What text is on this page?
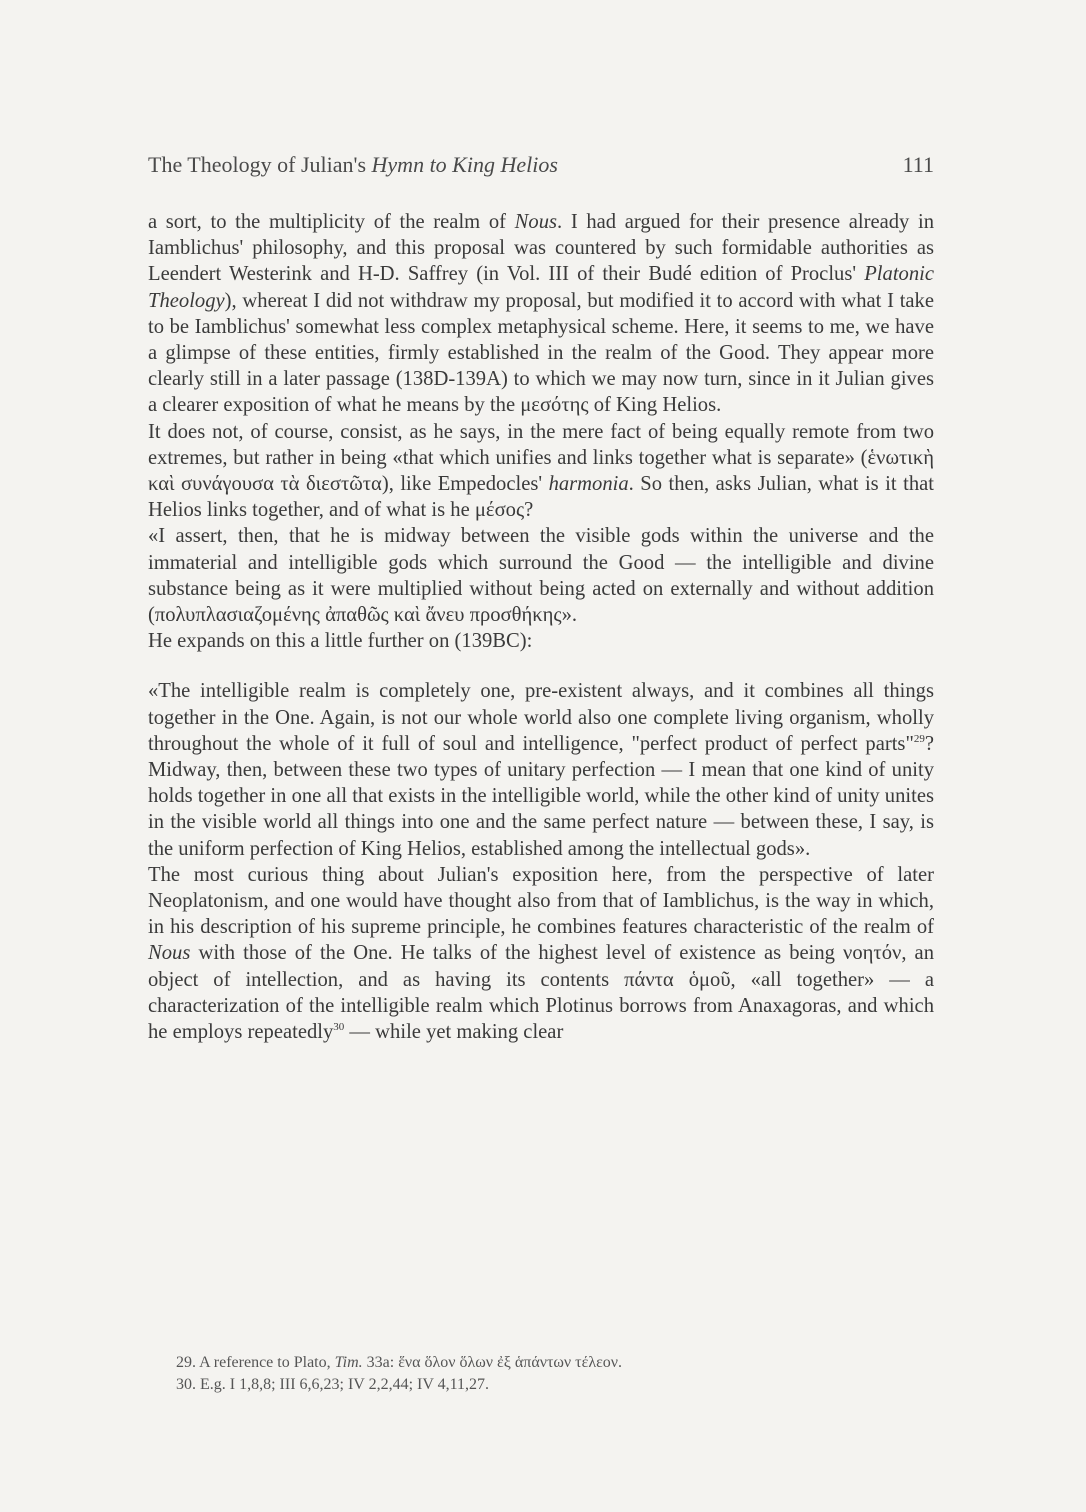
The Theology of Julian's Hymn to King Helios	111

a sort, to the multiplicity of the realm of Nous. I had argued for their presence already in Iamblichus' philosophy, and this proposal was countered by such formidable authorities as Leendert Westerink and H-D. Saffrey (in Vol. III of their Budé edition of Proclus' Platonic Theology), whereat I did not withdraw my proposal, but modified it to accord with what I take to be Iamblichus' somewhat less complex metaphysical scheme. Here, it seems to me, we have a glimpse of these entities, firmly established in the realm of the Good. They appear more clearly still in a later passage (138D-139A) to which we may now turn, since in it Julian gives a clearer exposition of what he means by the μεσότης of King Helios.

It does not, of course, consist, as he says, in the mere fact of being equally remote from two extremes, but rather in being «that which unifies and links together what is separate» (ἑνωτικὴ καὶ συνάγουσα τὰ διεστῶτα), like Empedocles' harmonia. So then, asks Julian, what is it that Helios links together, and of what is he μέσος?

«I assert, then, that he is midway between the visible gods within the universe and the immaterial and intelligible gods which surround the Good — the intelligible and divine substance being as it were multiplied without being acted on externally and without addition (πολυπλασιαζομένης ἀπαθῶς καὶ ἄνευ προσθήκης».

He expands on this a little further on (139BC):

«The intelligible realm is completely one, pre-existent always, and it combines all things together in the One. Again, is not our whole world also one complete living organism, wholly throughout the whole of it full of soul and intelligence, "perfect product of perfect parts"$^{29}$? Midway, then, between these two types of unitary perfection — I mean that one kind of unity holds together in one all that exists in the intelligible world, while the other kind of unity unites in the visible world all things into one and the same perfect nature — between these, I say, is the uniform perfection of King Helios, established among the intellectual gods».

The most curious thing about Julian's exposition here, from the perspective of later Neoplatonism, and one would have thought also from that of Iamblichus, is the way in which, in his description of his supreme principle, he combines features characteristic of the realm of Nous with those of the One. He talks of the highest level of existence as being νοητόν, an object of intellection, and as having its contents πάντα ὁμοῦ, «all together» — a characterization of the intelligible realm which Plotinus borrows from Anaxagoras, and which he employs repeatedly$^{30}$ — while yet making clear

29. A reference to Plato, Tim. 33a: ἕνα ὅλον ὅλων ἐξ ἁπάντων τέλεον.

30. E.g. I 1,8,8; III 6,6,23; IV 2,2,44; IV 4,11,27.
